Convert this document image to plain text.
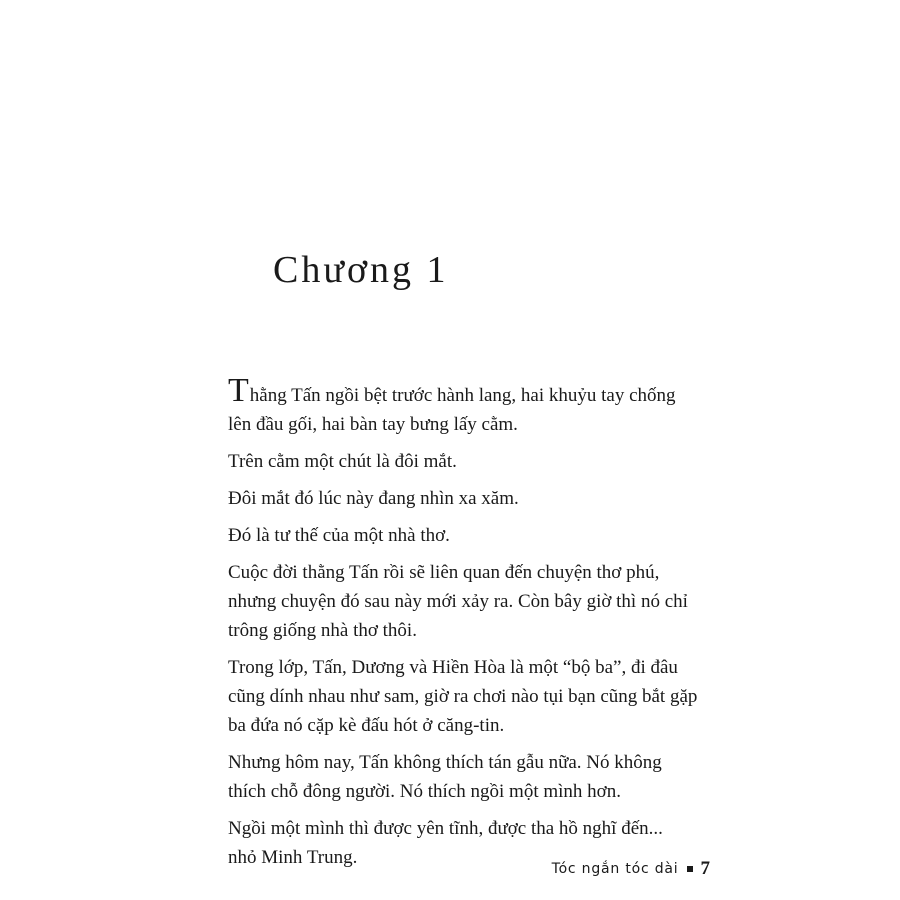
Chương 1

Thằng Tấn ngồi bệt trước hành lang, hai khuỷu tay chống
lên đầu gối, hai bàn tay bưng lấy cằm.

Trên cằm một chút là đôi mắt.

Đôi mắt đó lúc này đang nhìn xa xăm.

Đó là tư thế của một nhà thơ.

Cuộc đời thằng Tấn rồi sẽ liên quan đến chuyện thơ phú,
nhưng chuyện đó sau này mới xảy ra. Còn bây giờ thì nó chỉ
trông giống nhà thơ thôi.

Trong lớp, Tấn, Dương và Hiền Hòa là một “bộ ba”, đi đâu
cũng dính nhau như sam, giờ ra chơi nào tụi bạn cũng bắt gặp
ba đứa nó cặp kè đấu hót ở căng-tin.

Nhưng hôm nay, Tấn không thích tán gẫu nữa. Nó không
thích chỗ đông người. Nó thích ngồi một mình hơn.

Ngồi một mình thì được yên tĩnh, được tha hồ nghĩ đến...
nhỏ Minh Trung.

Tóc ngắn tóc dài 7
